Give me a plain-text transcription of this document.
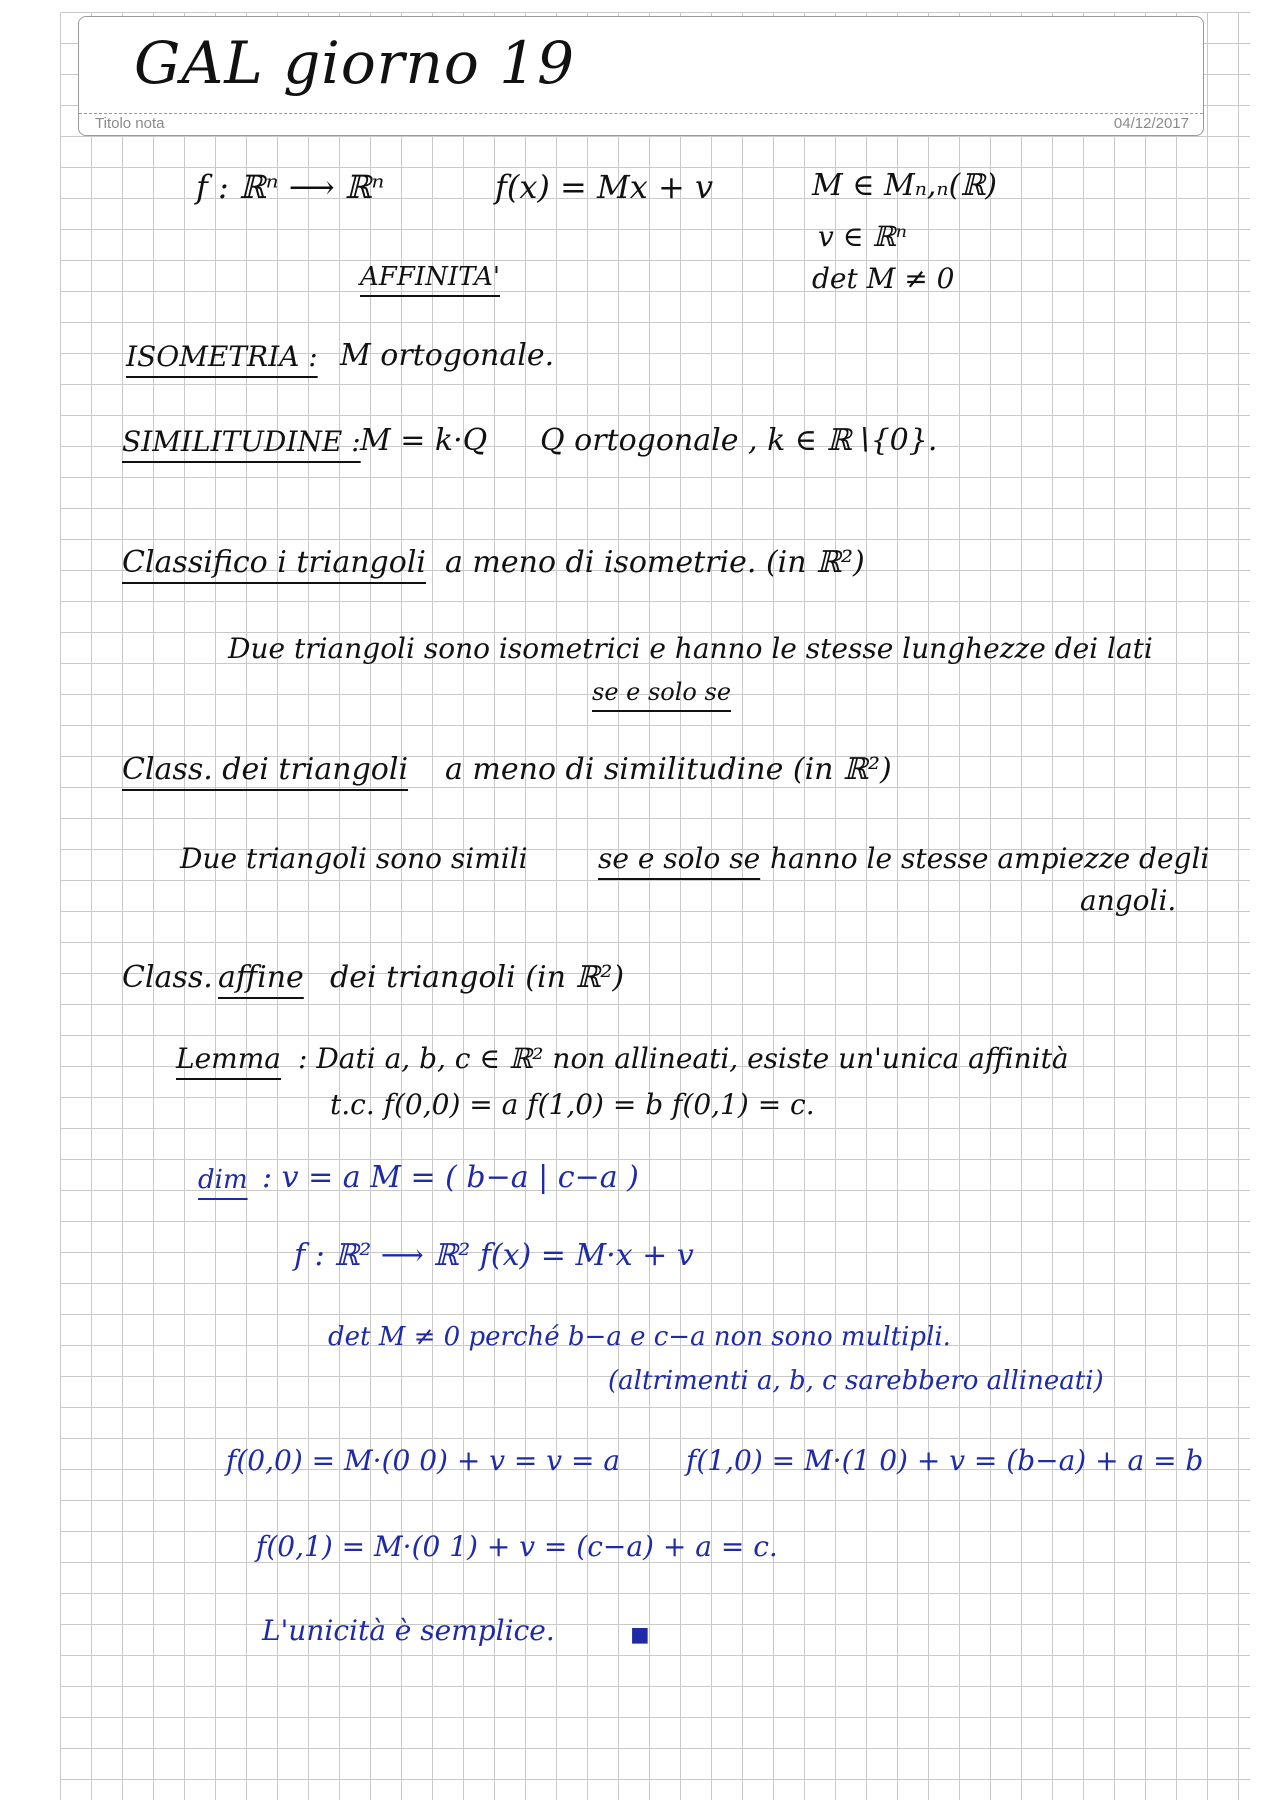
GAL giorno 19
Titolo nota	04/12/2017
f : ℝⁿ ⟶ ℝⁿ	f(x) = Mx + v	M ∈ Mₙ,ₙ(ℝ)
v ∈ ℝⁿ
det M ≠ 0
AFFINITA'
ISOMETRIA : M ortogonale.
SIMILITUDINE : M = k·Q Q ortogonale , k ∈ ℝ∖{0}.
Classifico i triangoli a meno di isometrie. (in ℝ²)
Due triangoli sono isometrici e hanno le stesse lunghezze dei lati
se e solo se
Class. dei triangoli a meno di similitudine (in ℝ²)
Due triangoli sono simili	se e solo se hanno le stesse ampiezze degli
angoli.
Class. affine dei triangoli (in ℝ²)
Lemma : Dati a, b, c ∈ ℝ² non allineati, esiste un'unica affinità
t.c. f(0,0) = a f(1,0) = b f(0,1) = c.
dim : v = a M = ( b−a | c−a )
f : ℝ² ⟶ ℝ² f(x) = M·x + v
det M ≠ 0 perché b−a e c−a non sono multipli.
(altrimenti a, b, c sarebbero allineati)
f(0,0) = M·(0 0) + v = v = a f(1,0) = M·(1 0) + v = (b−a) + a = b
f(0,1) = M·(0 1) + v = (c−a) + a = c.
L'unicità è semplice.	◼
